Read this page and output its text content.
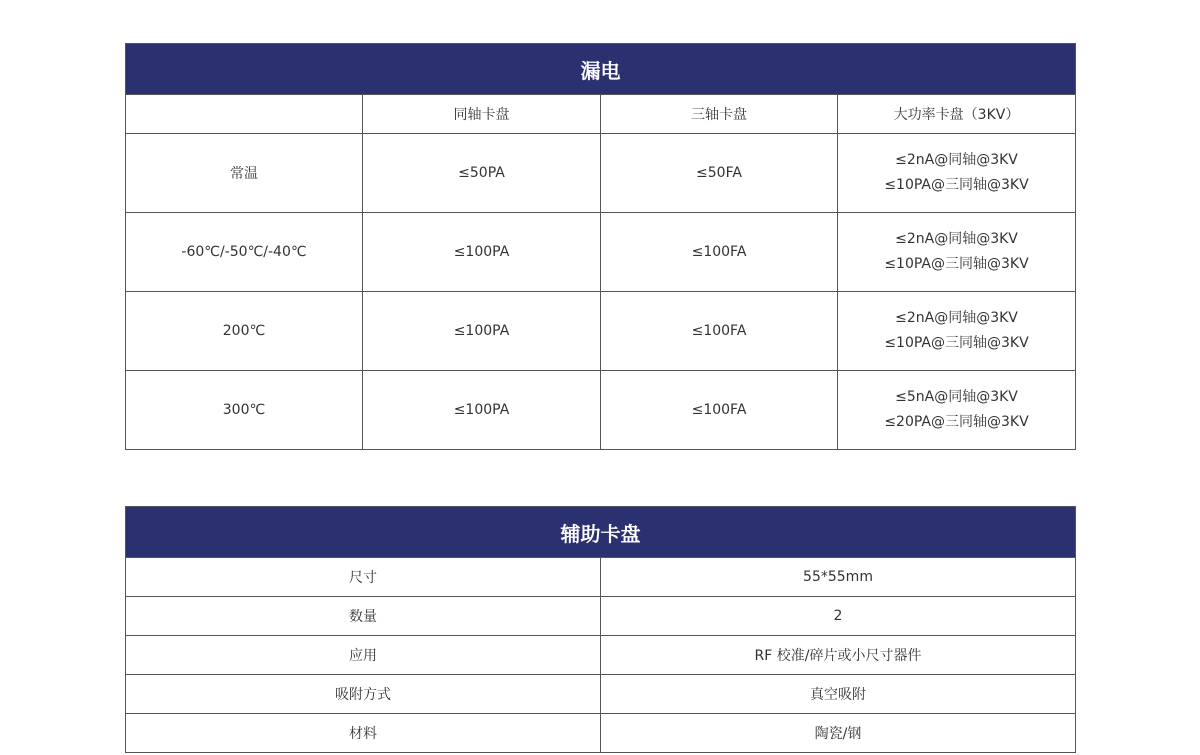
漏电			
	同轴卡盘	三轴卡盘	大功率卡盘（3KV）
常温	≤50PA	≤50FA	≤2nA@同轴@3KV
≤10PA@三同轴@3KV

-60℃/-50℃/-40℃	≤100PA	≤100FA	≤2nA@同轴@3KV
≤10PA@三同轴@3KV

200℃	≤100PA	≤100FA	≤2nA@同轴@3KV
≤10PA@三同轴@3KV

300℃	≤100PA	≤100FA	≤5nA@同轴@3KV
≤20PA@三同轴@3KV
辅助卡盘	
尺寸	55*55mm
数量	2
应用	RF 校准/碎片或小尺寸器件
吸附方式	真空吸附
材料	陶瓷/钢
